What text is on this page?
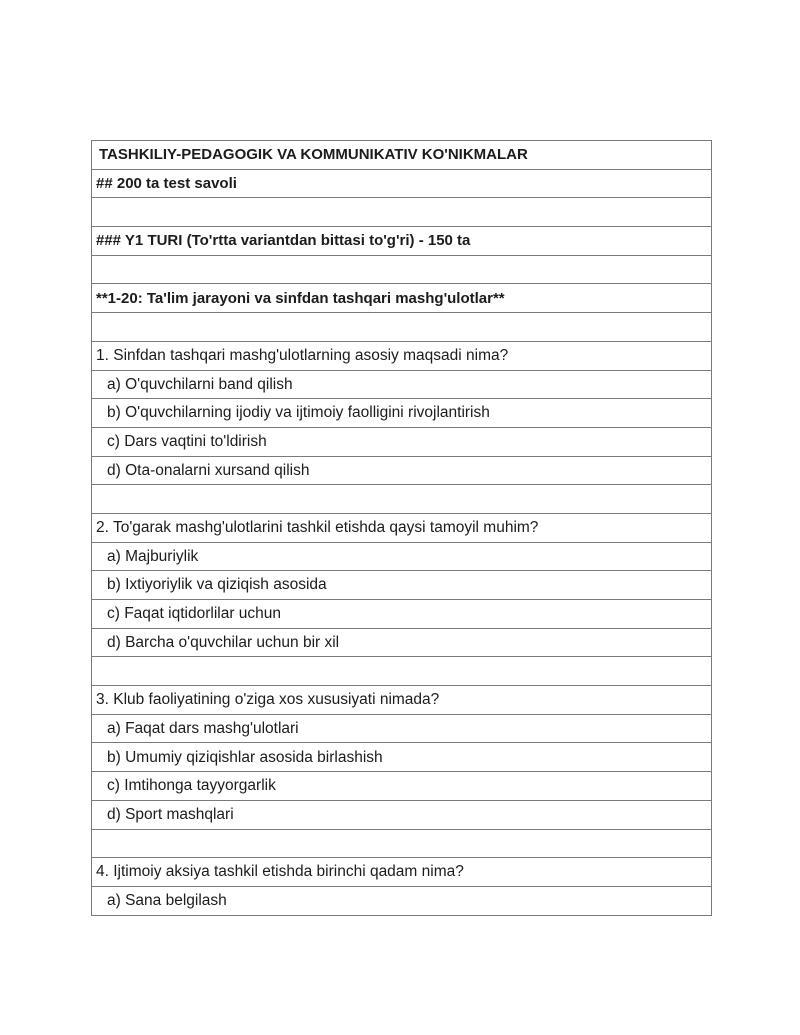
TASHKILIY-PEDAGOGIK VA KOMMUNIKATIV KO'NIKMALAR
## 200 ta test savoli
### Y1 TURI (To'rtta variantdan bittasi to'g'ri) - 150 ta
**1-20: Ta'lim jarayoni va sinfdan tashqari mashg'ulotlar**
1. Sinfdan tashqari mashg'ulotlarning asosiy maqsadi nima?
a) O'quvchilarni band qilish
b) O'quvchilarning ijodiy va ijtimoiy faolligini rivojlantirish
c) Dars vaqtini to'ldirish
d) Ota-onalarni xursand qilish
2. To'garak mashg'ulotlarini tashkil etishda qaysi tamoyil muhim?
a) Majburiylik
b) Ixtiyoriylik va qiziqish asosida
c) Faqat iqtidorlilar uchun
d) Barcha o'quvchilar uchun bir xil
3. Klub faoliyatining o'ziga xos xususiyati nimada?
a) Faqat dars mashg'ulotlari
b) Umumiy qiziqishlar asosida birlashish
c) Imtihonga tayyorgarlik
d) Sport mashqlari
4. Ijtimoiy aksiya tashkil etishda birinchi qadam nima?
a) Sana belgilash
